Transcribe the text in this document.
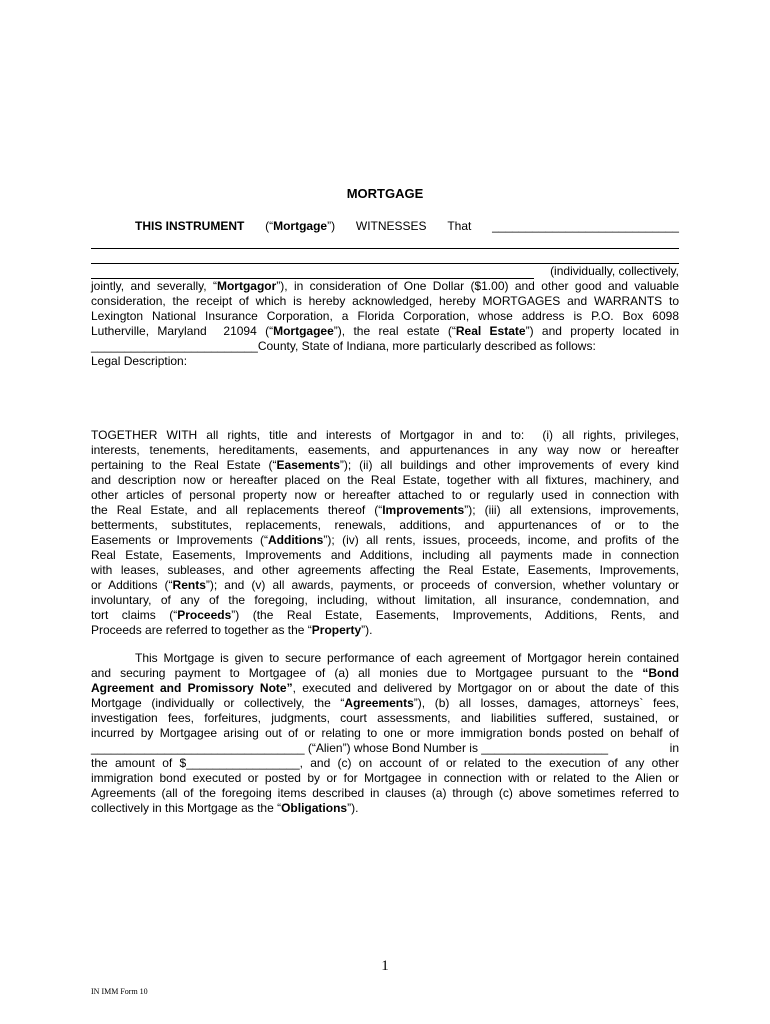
MORTGAGE
THIS INSTRUMENT (“Mortgage”) WITNESSES That ____________________________
(individually, collectively,
jointly, and severally, “Mortgagor”), in consideration of One Dollar ($1.00) and other good and valuable
consideration, the receipt of which is hereby acknowledged, hereby MORTGAGES and WARRANTS to
Lexington National Insurance Corporation, a Florida Corporation, whose address is P.O. Box 6098
Lutherville, Maryland  21094 (“Mortgagee”), the real estate (“Real Estate”) and property located in
_________________________County, State of Indiana, more particularly described as follows:
Legal Description:
TOGETHER WITH all rights, title and interests of Mortgagor in and to:  (i) all rights, privileges,
interests, tenements, hereditaments, easements, and appurtenances in any way now or hereafter
pertaining to the Real Estate (“Easements”); (ii) all buildings and other improvements of every kind
and description now or hereafter placed on the Real Estate, together with all fixtures, machinery, and
other articles of personal property now or hereafter attached to or regularly used in connection with
the Real Estate, and all replacements thereof (“Improvements”); (iii) all extensions, improvements,
betterments, substitutes, replacements, renewals, additions, and appurtenances of or to the
Easements or Improvements (“Additions”); (iv) all rents, issues, proceeds, income, and profits of the
Real Estate, Easements, Improvements and Additions, including all payments made in connection
with leases, subleases, and other agreements affecting the Real Estate, Easements, Improvements,
or Additions (“Rents”); and (v) all awards, payments, or proceeds of conversion, whether voluntary or
involuntary, of any of the foregoing, including, without limitation, all insurance, condemnation, and
tort claims (“Proceeds”) (the Real Estate, Easements, Improvements, Additions, Rents, and
Proceeds are referred to together as the “Property”).
This Mortgage is given to secure performance of each agreement of Mortgagor herein contained
and securing payment to Mortgagee of (a) all monies due to Mortgagee pursuant to the “Bond
Agreement and Promissory Note”, executed and delivered by Mortgagor on or about the date of this
Mortgage (individually or collectively, the “Agreements”), (b) all losses, damages, attorneys` fees,
investigation fees, forfeitures, judgments, court assessments, and liabilities suffered, sustained, or
incurred by Mortgagee arising out of or relating to one or more immigration bonds posted on behalf of
________________________________ (“Alien”) whose Bond Number is ___________________	in
the amount of $_________________, and (c) on account of or related to the execution of any other
immigration bond executed or posted by or for Mortgagee in connection with or related to the Alien or
Agreements (all of the foregoing items described in clauses (a) through (c) above sometimes referred to
collectively in this Mortgage as the “Obligations”).
1
IN IMM Form 10
